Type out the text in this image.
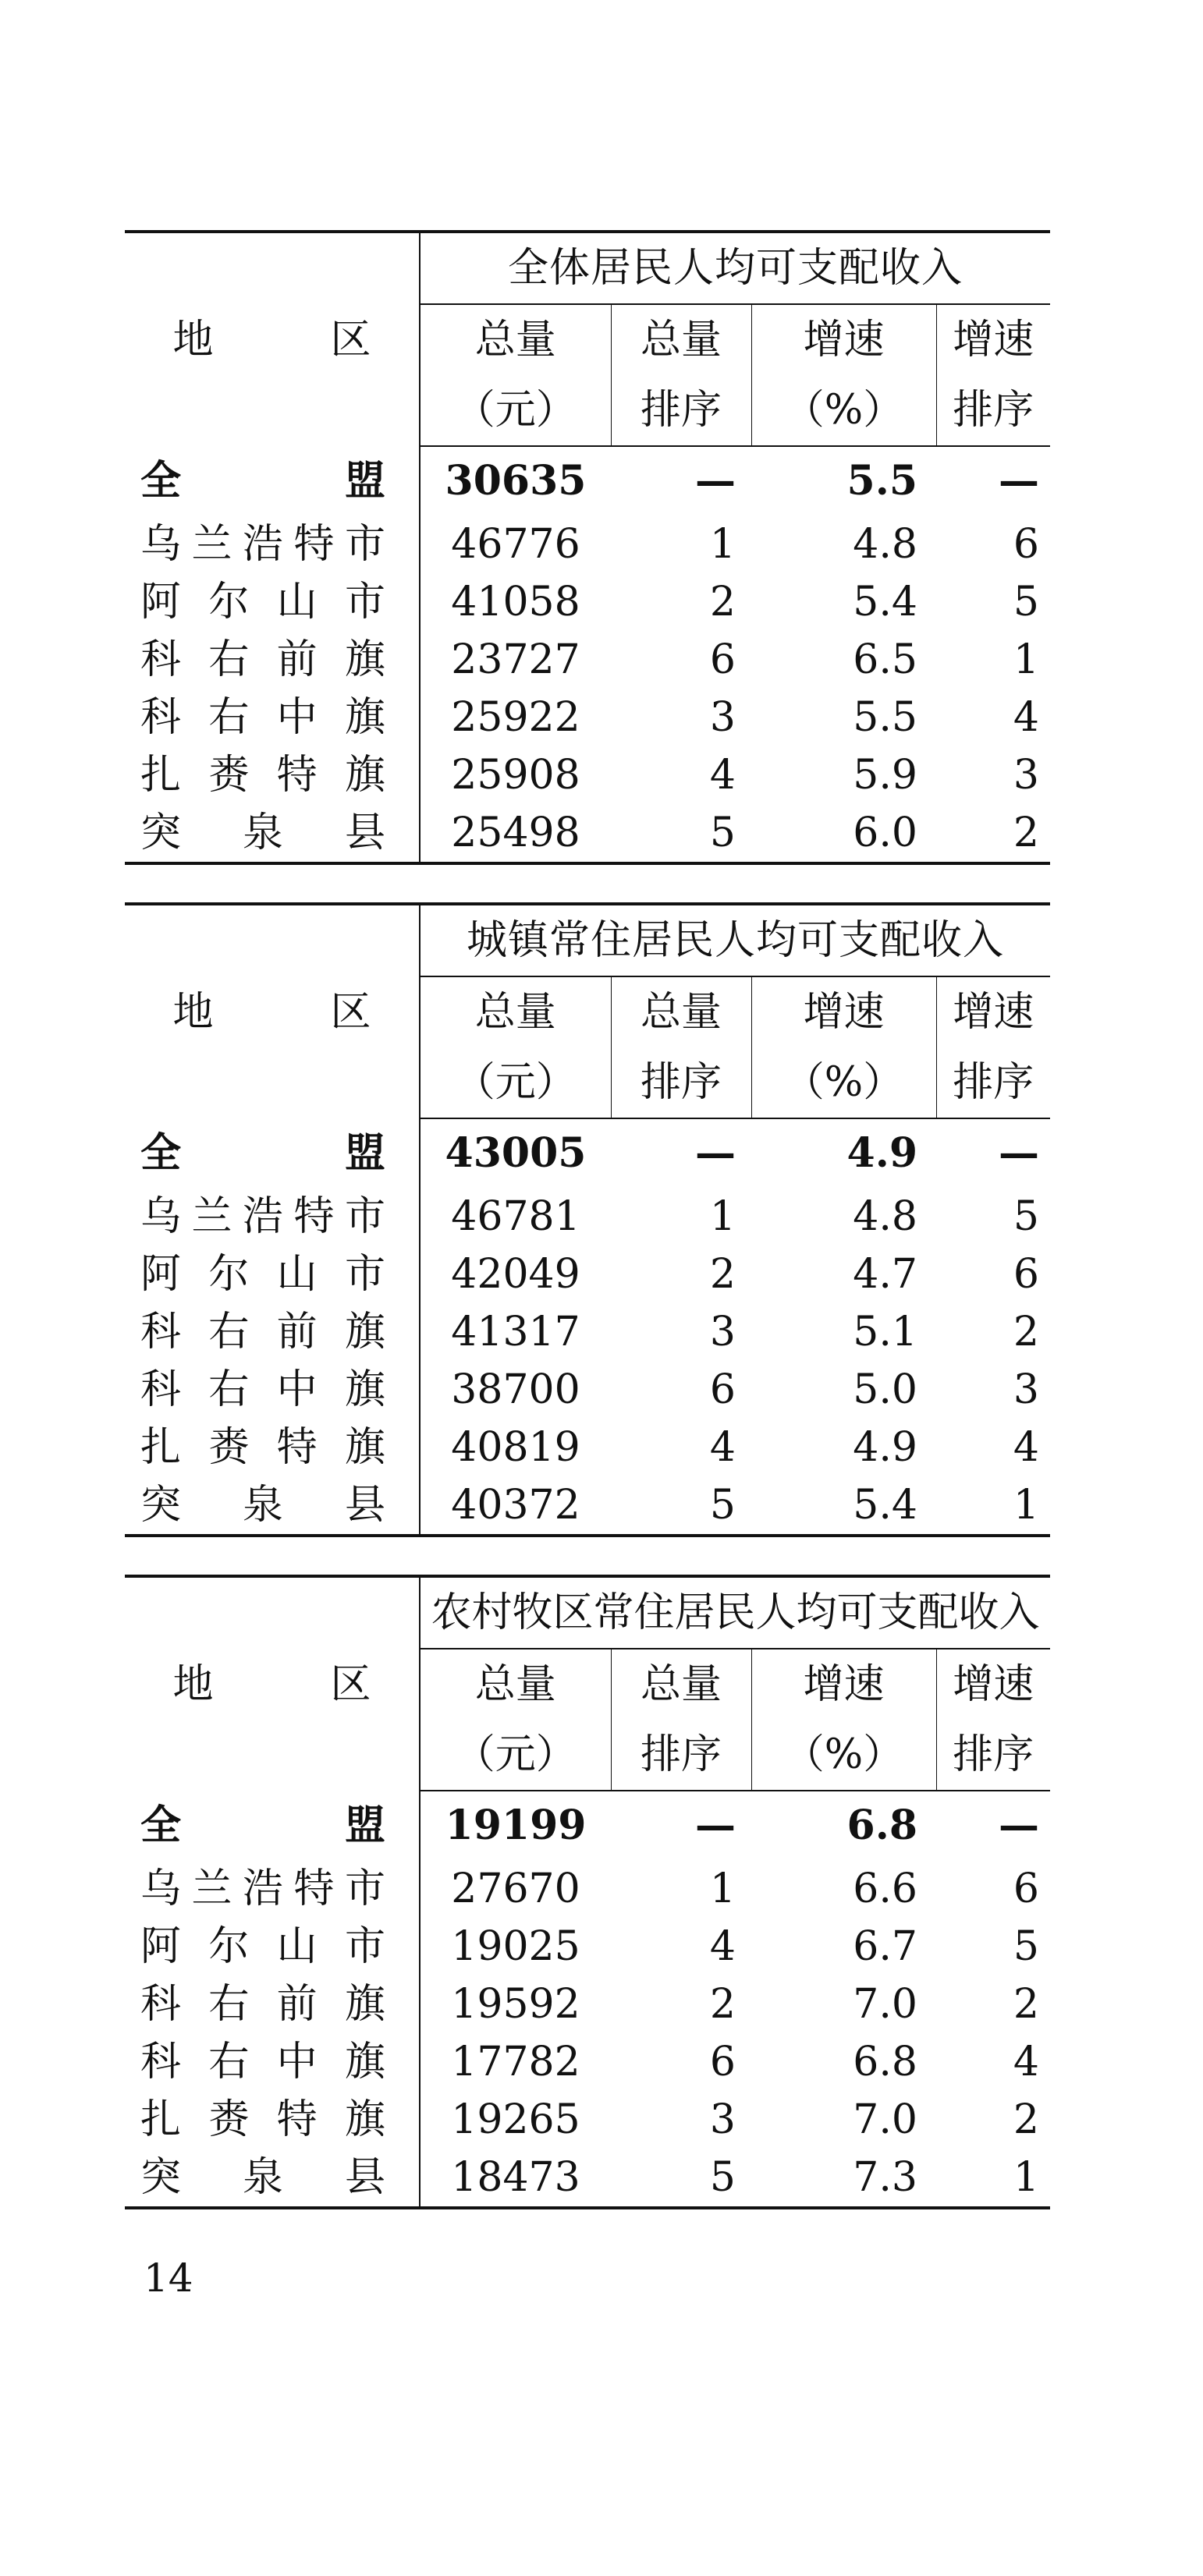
地 区	全体居民人均可支配收入			
	总量	总量	增速	增速
	（元）	排序	（%）	排序

全 盟	30635	—	5.5	—

乌 兰 浩 特 市	46776	1	4.8	6

阿 尔 山 市	41058	2	5.4	5

科 右 前 旗	23727	6	6.5	1

科 右 中 旗	25922	3	5.5	4

扎 赉 特 旗	25908	4	5.9	3

突 泉 县	25498	5	6.0	2
地 区	城镇常住居民人均可支配收入			
	总量	总量	增速	增速
	（元）	排序	（%）	排序

全 盟	43005	—	4.9	—

乌 兰 浩 特 市	46781	1	4.8	5

阿 尔 山 市	42049	2	4.7	6

科 右 前 旗	41317	3	5.1	2

科 右 中 旗	38700	6	5.0	3

扎 赉 特 旗	40819	4	4.9	4

突 泉 县	40372	5	5.4	1
地 区	农村牧区常住居民人均可支配收入			
	总量	总量	增速	增速
	（元）	排序	（%）	排序

全 盟	19199	—	6.8	—

乌 兰 浩 特 市	27670	1	6.6	6

阿 尔 山 市	19025	4	6.7	5

科 右 前 旗	19592	2	7.0	2

科 右 中 旗	17782	6	6.8	4

扎 赉 特 旗	19265	3	7.0	2

突 泉 县	18473	5	7.3	1
14
